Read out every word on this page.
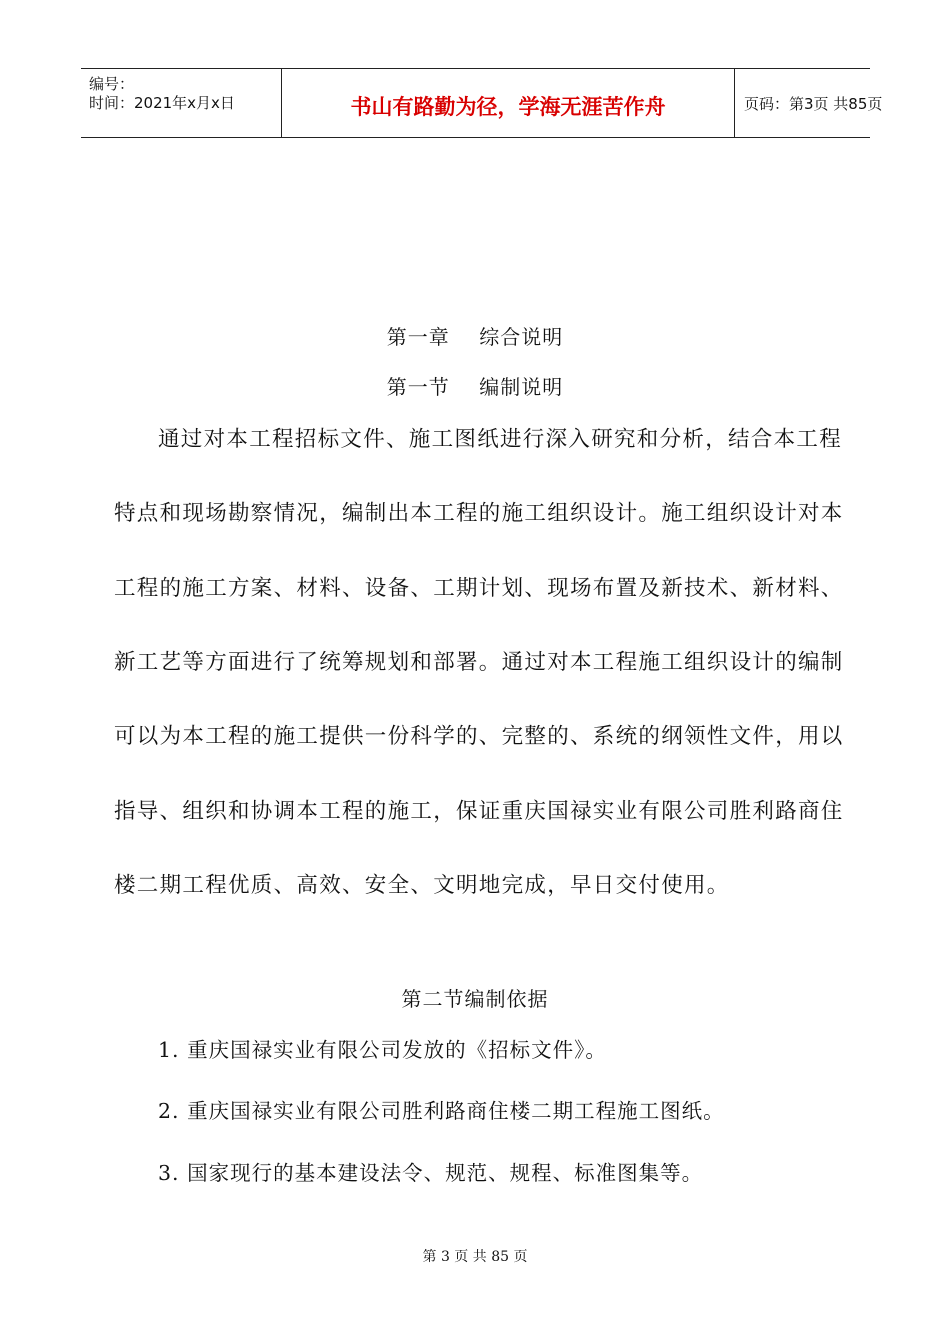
编号：
时间：2021年x月x日	书山有路勤为径，学海无涯苦作舟	页码：第3页 共85页
第一章    综合说明
第一节    编制说明
通过对本工程招标文件、施工图纸进行深入研究和分析，结合本工程
特点和现场勘察情况，编制出本工程的施工组织设计。施工组织设计对本
工程的施工方案、材料、设备、工期计划、现场布置及新技术、新材料、
新工艺等方面进行了统筹规划和部署。通过对本工程施工组织设计的编制
可以为本工程的施工提供一份科学的、完整的、系统的纲领性文件，用以
指导、组织和协调本工程的施工，保证重庆国禄实业有限公司胜利路商住
楼二期工程优质、高效、安全、文明地完成，早日交付使用。
第二节编制依据
1. 重庆国禄实业有限公司发放的《招标文件》。
2. 重庆国禄实业有限公司胜利路商住楼二期工程施工图纸。
3. 国家现行的基本建设法令、规范、规程、标准图集等。
第 3 页 共 85 页
